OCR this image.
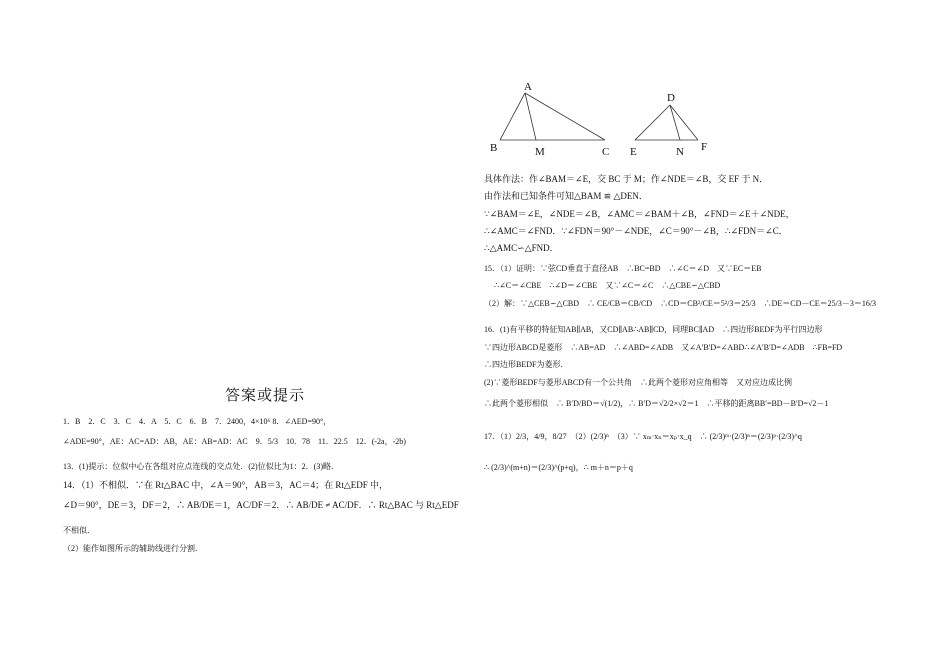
A
B	M	C
D
E	N F
具体作法：作∠BAM＝∠E，交 BC 于 M；作∠NDE＝∠B，交 EF 于 N．
由作法和已知条件可知△BAM ≌ △DEN．
∵∠BAM＝∠E，∠NDE＝∠B，∠AMC＝∠BAM＋∠B，∠FND＝∠E＋∠NDE，
∴∠AMC＝∠FND．∵∠FDN＝90°－∠NDE，∠C＝90°－∠B，∴∠FDN＝∠C．
∴△AMC∽△FND．
15．（1）证明：∵弦CD垂直于直径AB　∴BC=BD　∴∠C＝∠D　又∵EC＝EB
∴∠C＝∠CBE　∴∠D＝∠CBE　又∵∠C＝∠C　∴△CBE∽△CBD
（2）解：∵△CEB∽△CBD　∴ CE/CB＝CB/CD　∴CD＝CB²/CE＝5²/3＝25/3　∴DE＝CD－CE＝25/3－3＝16/3
16．(1)有平移的特征知AB∥AB，又CD∥AB∴AB∥CD，同理BC∥AD　∴四边形BEDF为平行四边形
∵四边形ABCD是菱形　∴AB=AD　∴∠ABD=∠ADB　又∠A′B′D=∠ABD∴∠A′B′D=∠ADB　∴FB=FD
∴四边形BEDF为菱形．
(2)∵菱形BEDF与菱形ABCD有一个公共角　∴此两个菱形对应角相等　又对应边成比例
∴此两个菱形相似　∴ B′D/BD＝√(1/2)，∴ B′D＝√2/2×√2＝1　∴平移的距离BB′=BD－B′D=√2－1
17．（1）2/3，4/9，8/27　（2）(2/3)ⁿ　（3）∵ xₘ·xₙ＝xₚ·x_q　∴ (2/3)ᵐ·(2/3)ⁿ＝(2/3)ᵖ·(2/3)^q
∴ (2/3)^(m+n)＝(2/3)^(p+q)，∴ m＋n＝p＋q
答案或提示
1．B　2．C　3．C　4．A　5．C　6．B　7．2400，4×10⁶ 8．∠AED=90°，
∠ADE=90°，AE：AC=AD：AB，AE：AB=AD：AC　9．5/3　10．78　11．22.5　12．(-2a，-2b)
13．(1)提示：位似中心在各组对应点连线的交点处．(2)位似比为1：2．(3)略．
14．（1）不相似．∵在 Rt△BAC 中，∠A＝90°，AB＝3，AC＝4；在 Rt△EDF 中，
∠D＝90°，DE＝3，DF＝2，∴ AB/DE＝1，AC/DF＝2．∴ AB/DE ≠ AC/DF．∴ Rt△BAC 与 Rt△EDF
不相似．
（2）能作如图所示的辅助线进行分割．
